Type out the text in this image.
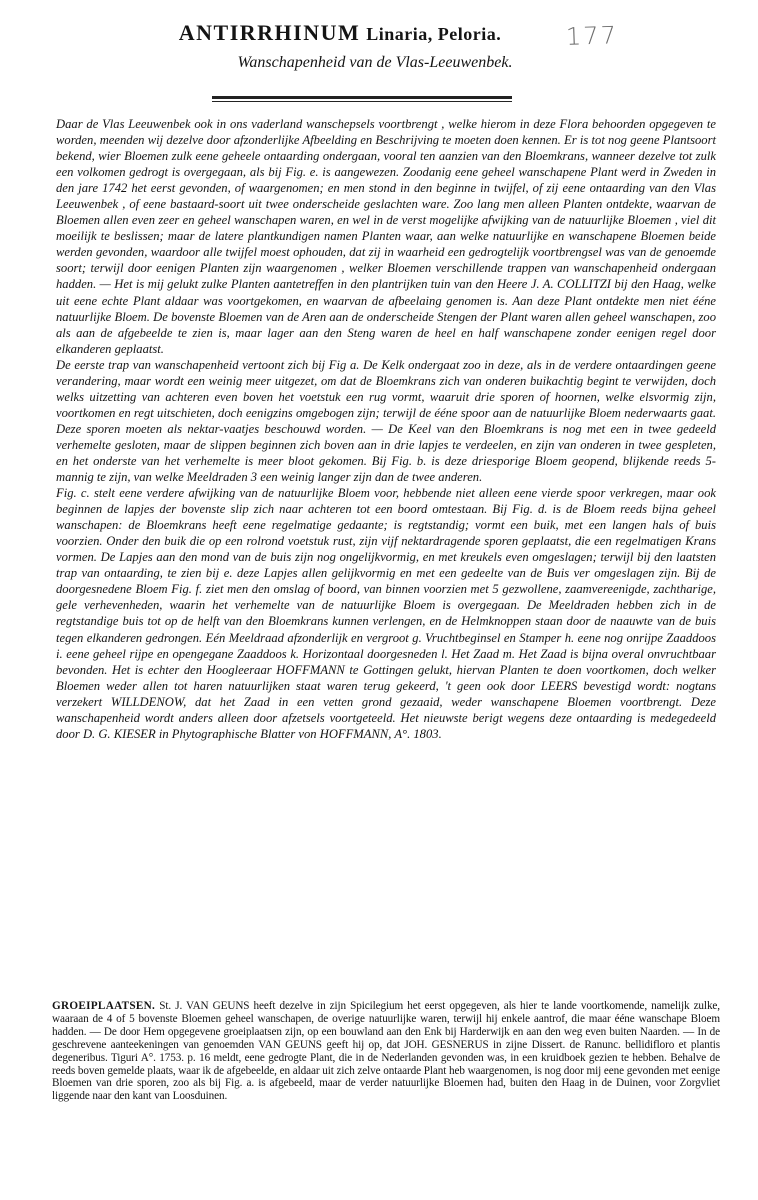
177
ANTIRRHINUM Linaria, Peloria.
Wanschapenheid van de Vlas-Leeuwenbek.

Daar de Vlas Leeuwenbek ook in ons vaderland wanschepsels voortbrengt , welke hierom in deze Flora behoorden opgegeven te worden, meenden wij dezelve door afzonderlijke Afbeelding en Beschrijving te moeten doen kennen. Er is tot nog geene Plantsoort bekend, wier Bloemen zulk eene geheele ontaarding ondergaan, vooral ten aanzien van den Bloemkrans, wanneer dezelve tot zulk een volkomen gedrogt is overgegaan, als bij Fig. e. is aangewezen. Zoodanig eene geheel wanschapene Plant werd in Zweden in den jare 1742 het eerst gevonden, of waargenomen; en men stond in den beginne in twijfel, of zij eene ontaarding van den Vlas Leeuwenbek , of eene bastaard-soort uit twee onderscheide geslachten ware. Zoo lang men alleen Planten ontdekte, waarvan de Bloemen allen even zeer en geheel wanschapen waren, en wel in de verst mogelijke afwijking van de natuurlijke Bloemen , viel dit moeilijk te beslissen; maar de latere plantkundigen namen Planten waar, aan welke natuurlijke en wanschapene Bloemen beide werden gevonden, waardoor alle twijfel moest ophouden, dat zij in waarheid een gedrogtelijk voortbrengsel was van de genoemde soort; terwijl door eenigen Planten zijn waargenomen , welker Bloemen verschillende trappen van wanschapenheid ondergaan hadden. — Het is mij gelukt zulke Planten aantetreffen in den plantrijken tuin van den Heere J. A. COLLITZI bij den Haag, welke uit eene echte Plant aldaar was voortgekomen, en waarvan de afbeelaing genomen is. Aan deze Plant ontdekte men niet ééne natuurlijke Bloem. De bovenste Bloemen van de Aren aan de onderscheide Stengen der Plant waren allen geheel wanschapen, zoo als aan de afgebeelde te zien is, maar lager aan den Steng waren de heel en half wanschapene zonder eenigen regel door elkanderen geplaatst.

De eerste trap van wanschapenheid vertoont zich bij Fig a. De Kelk ondergaat zoo in deze, als in de verdere ontaardingen geene verandering, maar wordt een weinig meer uitgezet, om dat de Bloemkrans zich van onderen buikachtig begint te verwijden, doch welks uitzetting van achteren even boven het voetstuk een rug vormt, waaruit drie sporen of hoornen, welke elsvormig zijn, voortkomen en regt uitschieten, doch eenigzins omgebogen zijn; terwijl de ééne spoor aan de natuurlijke Bloem nederwaarts gaat. Deze sporen moeten als nektar-vaatjes beschouwd worden. — De Keel van den Bloemkrans is nog met een in twee gedeeld verhemelte gesloten, maar de slippen beginnen zich boven aan in drie lapjes te verdeelen, en zijn van onderen in twee gespleten, en het onderste van het verhemelte is meer bloot gekomen. Bij Fig. b. is deze driesporige Bloem geopend, blijkende reeds 5-mannig te zijn, van welke Meeldraden 3 een weinig langer zijn dan de twee anderen.

Fig. c. stelt eene verdere afwijking van de natuurlijke Bloem voor, hebbende niet alleen eene vierde spoor verkregen, maar ook beginnen de lapjes der bovenste slip zich naar achteren tot een boord omtestaan. Bij Fig. d. is de Bloem reeds bijna geheel wanschapen: de Bloemkrans heeft eene regelmatige gedaante; is regtstandig; vormt een buik, met een langen hals of buis voorzien. Onder den buik die op een rolrond voetstuk rust, zijn vijf nektardragende sporen geplaatst, die een regelmatigen Krans vormen. De Lapjes aan den mond van de buis zijn nog ongelijkvormig, en met kreukels even omgeslagen; terwijl bij den laatsten trap van ontaarding, te zien bij e. deze Lapjes allen gelijkvormig en met een gedeelte van de Buis ver omgeslagen zijn. Bij de doorgesnedene Bloem Fig. f. ziet men den omslag of boord, van binnen voorzien met 5 gezwollene, zaamvereenigde, zachtharige, gele verhevenheden, waarin het verhemelte van de natuurlijke Bloem is overgegaan. De Meeldraden hebben zich in de regtstandige buis tot op de helft van den Bloemkrans kunnen verlengen, en de Helmknoppen staan door de naauwte van de buis tegen elkanderen gedrongen. Eén Meeldraad afzonderlijk en vergroot g. Vruchtbeginsel en Stamper h. eene nog onrijpe Zaaddoos i. eene geheel rijpe en opengegane Zaaddoos k. Horizontaal doorgesneden l. Het Zaad m. Het Zaad is bijna overal onvruchtbaar bevonden. Het is echter den Hoogleeraar HOFFMANN te Gottingen gelukt, hiervan Planten te doen voortkomen, doch welker Bloemen weder allen tot haren natuurlijken staat waren terug gekeerd, 't geen ook door LEERS bevestigd wordt: nogtans verzekert WILLDENOW, dat het Zaad in een vetten grond gezaaid, weder wanschapene Bloemen voortbrengt. Deze wanschapenheid wordt anders alleen door afzetsels voortgeteeld. Het nieuwste berigt wegens deze ontaarding is medegedeeld door D. G. KIESER in Phytographische Blatter von HOFFMANN, A°. 1803.

GROEIPLAATSEN. St. J. VAN GEUNS heeft dezelve in zijn Spicilegium het eerst opgegeven, als hier te lande voortkomende, namelijk zulke, waaraan de 4 of 5 bovenste Bloemen geheel wanschapen, de overige natuurlijke waren, terwijl hij enkele aantrof, die maar ééne wanschape Bloem hadden. — De door Hem opgegevene groeiplaatsen zijn, op een bouwland aan den Enk bij Harderwijk en aan den weg even buiten Naarden. — In de geschrevene aanteekeningen van genoemden VAN GEUNS geeft hij op, dat JOH. GESNERUS in zijne Dissert. de Ranunc. bellidifloro et plantis degeneribus. Tiguri A°. 1753. p. 16 meldt, eene gedrogte Plant, die in de Nederlanden gevonden was, in een kruidboek gezien te hebben. Behalve de reeds boven gemelde plaats, waar ik de afgebeelde, en aldaar uit zich zelve ontaarde Plant heb waargenomen, is nog door mij eene gevonden met eenige Bloemen van drie sporen, zoo als bij Fig. a. is afgebeeld, maar de verder natuurlijke Bloemen had, buiten den Haag in de Duinen, voor Zorgvliet liggende naar den kant van Loosduinen.
